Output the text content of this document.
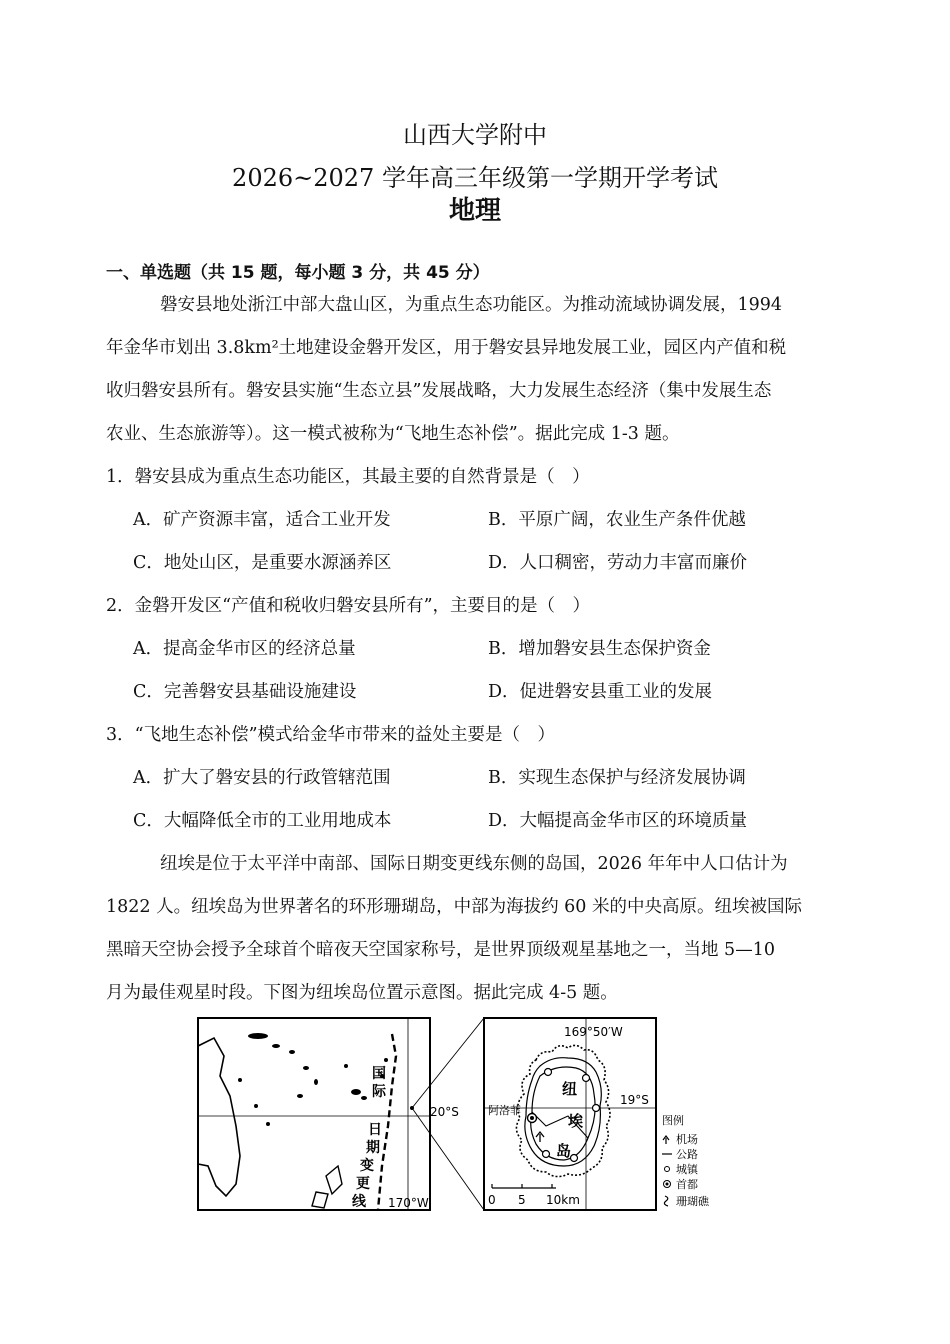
山西大学附中
2026~2027 学年高三年级第一学期开学考试
地理
一、单选题（共 15 题，每小题 3 分，共 45 分）
磐安县地处浙江中部大盘山区，为重点生态功能区。为推动流域协调发展，1994
年金华市划出 3.8km²土地建设金磐开发区，用于磐安县异地发展工业，园区内产值和税
收归磐安县所有。磐安县实施“生态立县”发展战略，大力发展生态经济（集中发展生态
农业、生态旅游等）。这一模式被称为“飞地生态补偿”。据此完成 1-3 题。
1．磐安县成为重点生态功能区，其最主要的自然背景是（　）
A．矿产资源丰富，适合工业开发	B．平原广阔，农业生产条件优越
C．地处山区，是重要水源涵养区	D．人口稠密，劳动力丰富而廉价
2．金磐开发区“产值和税收归磐安县所有”，主要目的是（　）
A．提高金华市区的经济总量	B．增加磐安县生态保护资金
C．完善磐安县基础设施建设	D．促进磐安县重工业的发展
3．“飞地生态补偿”模式给金华市带来的益处主要是（　）
A．扩大了磐安县的行政管辖范围	B．实现生态保护与经济发展协调
C．大幅降低全市的工业用地成本	D．大幅提高金华市区的环境质量
纽埃是位于太平洋中南部、国际日期变更线东侧的岛国，2026 年年中人口估计为
1822 人。纽埃岛为世界著名的环形珊瑚岛，中部为海拔约 60 米的中央高原。纽埃被国际
黑暗天空协会授予全球首个暗夜天空国家称号，是世界顶级观星基地之一，当地 5—10
月为最佳观星时段。下图为纽埃岛位置示意图。据此完成 4-5 题。
国
际
日
期
变
更
线
20°S
170°W
169°50′W
19°S
阿洛菲
纽
埃
岛
0 5 10km
图例
机场
公路
城镇
首都
珊瑚礁
